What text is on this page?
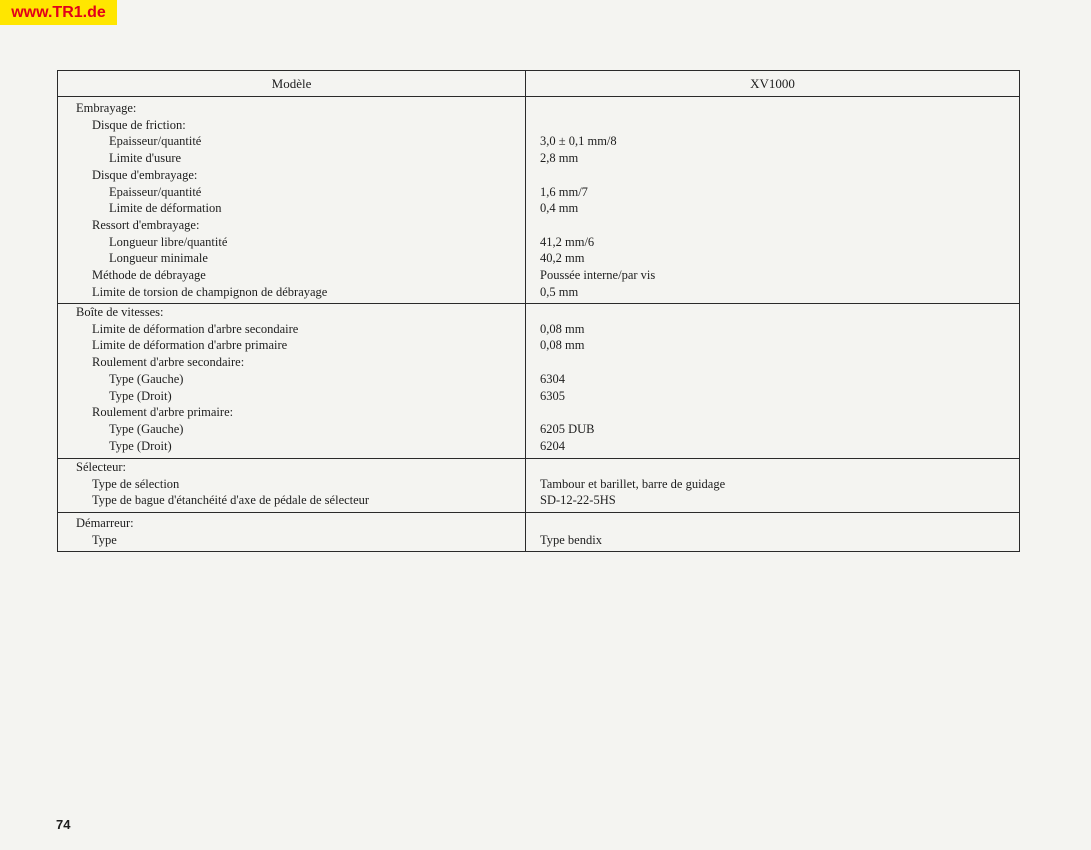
www.TR1.de
Modèle	XV1000
Embrayage:
Disque de friction:
Epaisseur/quantité	3,0 ± 0,1 mm/8
Limite d'usure	2,8 mm
Disque d'embrayage:
Epaisseur/quantité	1,6 mm/7
Limite de déformation	0,4 mm
Ressort d'embrayage:
Longueur libre/quantité	41,2 mm/6
Longueur minimale	40,2 mm
Méthode de débrayage	Poussée interne/par vis
Limite de torsion de champignon de débrayage	0,5 mm
Boîte de vitesses:
Limite de déformation d'arbre secondaire	0,08 mm
Limite de déformation d'arbre primaire	0,08 mm
Roulement d'arbre secondaire:
Type (Gauche)	6304
Type (Droit)	6305
Roulement d'arbre primaire:
Type (Gauche)	6205 DUB
Type (Droit)	6204
Sélecteur:
Type de sélection	Tambour et barillet, barre de guidage
Type de bague d'étanchéité d'axe de pédale de sélecteur	SD-12-22-5HS
Démarreur:
Type	Type bendix
74
